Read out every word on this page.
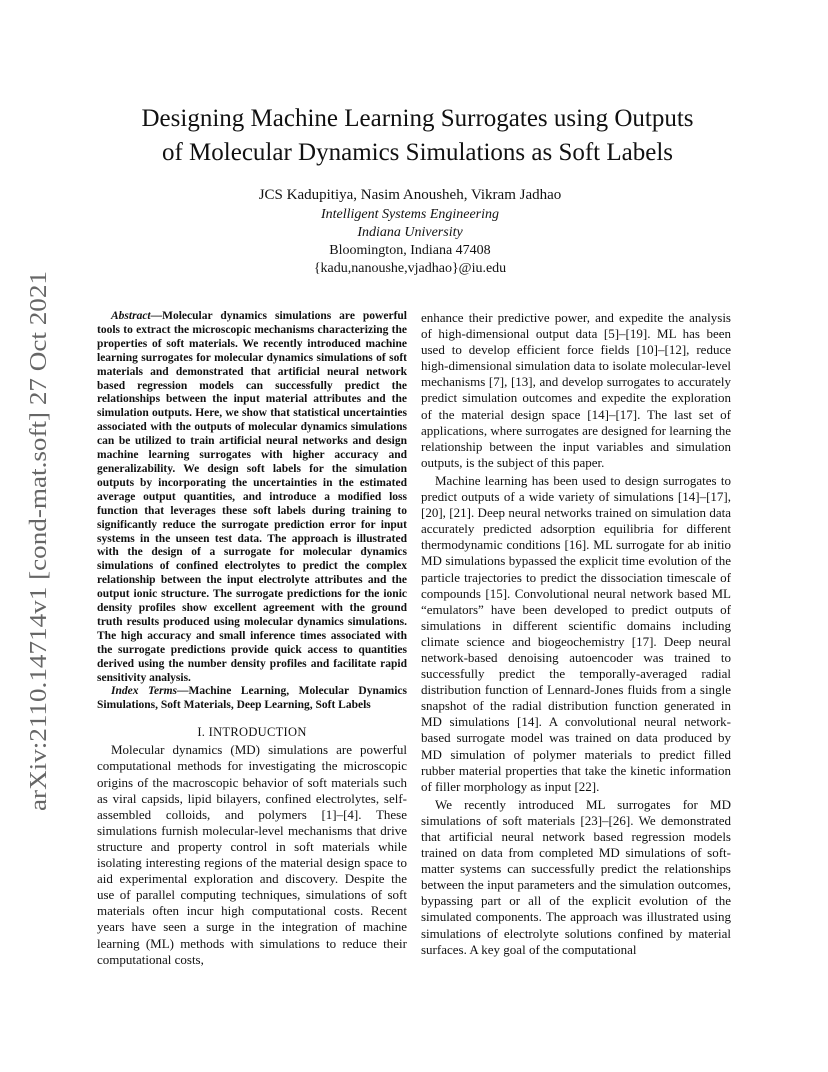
arXiv:2110.14714v1 [cond-mat.soft] 27 Oct 2021
Designing Machine Learning Surrogates using Outputs
of Molecular Dynamics Simulations as Soft Labels
JCS Kadupitiya, Nasim Anousheh, Vikram Jadhao
Intelligent Systems Engineering
Indiana University
Bloomington, Indiana 47408
{kadu,nanoushe,vjadhao}@iu.edu

Abstract—Molecular dynamics simulations are powerful tools to extract the microscopic mechanisms characterizing the properties of soft materials. We recently introduced machine learning surrogates for molecular dynamics simulations of soft materials and demonstrated that artificial neural network based regression models can successfully predict the relationships between the input material attributes and the simulation outputs. Here, we show that statistical uncertainties associated with the outputs of molecular dynamics simulations can be utilized to train artificial neural networks and design machine learning surrogates with higher accuracy and generalizability. We design soft labels for the simulation outputs by incorporating the uncertainties in the estimated average output quantities, and introduce a modified loss function that leverages these soft labels during training to significantly reduce the surrogate prediction error for input systems in the unseen test data. The approach is illustrated with the design of a surrogate for molecular dynamics simulations of confined electrolytes to predict the complex relationship between the input electrolyte attributes and the output ionic structure. The surrogate predictions for the ionic density profiles show excellent agreement with the ground truth results produced using molecular dynamics simulations. The high accuracy and small inference times associated with the surrogate predictions provide quick access to quantities derived using the number density profiles and facilitate rapid sensitivity analysis.

Index Terms—Machine Learning, Molecular Dynamics Simulations, Soft Materials, Deep Learning, Soft Labels

I. INTRODUCTION

Molecular dynamics (MD) simulations are powerful computational methods for investigating the microscopic origins of the macroscopic behavior of soft materials such as viral capsids, lipid bilayers, confined electrolytes, self-assembled colloids, and polymers [1]–[4]. These simulations furnish molecular-level mechanisms that drive structure and property control in soft materials while isolating interesting regions of the material design space to aid experimental exploration and discovery. Despite the use of parallel computing techniques, simulations of soft materials often incur high computational costs. Recent years have seen a surge in the integration of machine learning (ML) methods with simulations to reduce their computational costs,

enhance their predictive power, and expedite the analysis of high-dimensional output data [5]–[19]. ML has been used to develop efficient force fields [10]–[12], reduce high-dimensional simulation data to isolate molecular-level mechanisms [7], [13], and develop surrogates to accurately predict simulation outcomes and expedite the exploration of the material design space [14]–[17]. The last set of applications, where surrogates are designed for learning the relationship between the input variables and simulation outputs, is the subject of this paper.

Machine learning has been used to design surrogates to predict outputs of a wide variety of simulations [14]–[17], [20], [21]. Deep neural networks trained on simulation data accurately predicted adsorption equilibria for different thermodynamic conditions [16]. ML surrogate for ab initio MD simulations bypassed the explicit time evolution of the particle trajectories to predict the dissociation timescale of compounds [15]. Convolutional neural network based ML “emulators” have been developed to predict outputs of simulations in different scientific domains including climate science and biogeochemistry [17]. Deep neural network-based denoising autoencoder was trained to successfully predict the temporally-averaged radial distribution function of Lennard-Jones fluids from a single snapshot of the radial distribution function generated in MD simulations [14]. A convolutional neural network-based surrogate model was trained on data produced by MD simulation of polymer materials to predict filled rubber material properties that take the kinetic information of filler morphology as input [22].

We recently introduced ML surrogates for MD simulations of soft materials [23]–[26]. We demonstrated that artificial neural network based regression models trained on data from completed MD simulations of soft-matter systems can successfully predict the relationships between the input parameters and the simulation outcomes, bypassing part or all of the explicit evolution of the simulated components. The approach was illustrated using simulations of electrolyte solutions confined by material surfaces. A key goal of the computational
